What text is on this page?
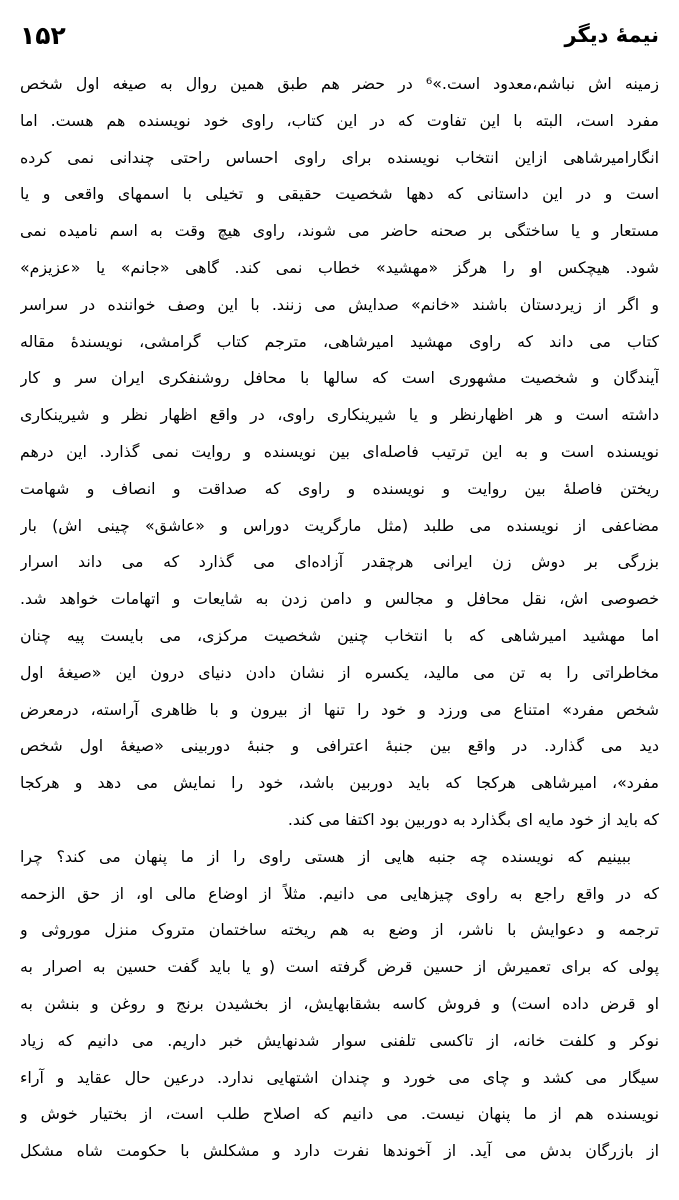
۱۵۲	نیمهٔ دیگر
زمینه اش نباشم،معدود است.»⁶ در حضر هم طبق همین روال به صیغه اول شخص
مفرد است، البته با این تفاوت که در این کتاب، راوی خود نویسنده هم هست. اما
انگارامیرشاهی ازاین انتخاب نویسنده برای راوی احساس راحتی چندانی نمی کرده
است و در این داستانی که دهها شخصیت حقیقی و تخیلی با اسمهای واقعی و یا
مستعار و یا ساختگی بر صحنه حاضر می شوند، راوی هیچ وقت به اسم نامیده نمی
شود. هیچکس او را هرگز «مهشید» خطاب نمی کند. گاهی «جانم» یا «عزیزم»
و اگر از زیردستان باشند «خانم» صدایش می زنند. با این وصف خواننده در سراسر
کتاب می داند که راوی مهشید امیرشاهی، مترجم کتاب گرامشی، نویسندهٔ مقاله
آیندگان و شخصیت مشهوری است که سالها با محافل روشنفکری ایران سر و کار
داشته است و هر اظهارنظر و یا شیرینکاری راوی، در واقع اظهار نظر و شیرینکاری
نویسنده است و به این ترتیب فاصله‌ای بین نویسنده و روایت نمی گذارد. این درهم
ریختن فاصلهٔ بین روایت و نویسنده و راوی که صداقت و انصاف و شهامت
مضاعفی از نویسنده می طلبد (مثل مارگریت دوراس و «عاشق» چینی اش) بار
بزرگی بر دوش زن ایرانی هرچقدر آزاده‌ای می گذارد که می داند اسرار
خصوصی اش، نقل محافل و مجالس و دامن زدن به شایعات و اتهامات خواهد شد.
اما مهشید امیرشاهی که با انتخاب چنین شخصیت مرکزی، می بایست پیه چنان
مخاطراتی را به تن می مالید، یکسره از نشان دادن دنیای درون این «صیغهٔ اول
شخص مفرد» امتناع می ورزد و خود را تنها از بیرون و با ظاهری آراسته، درمعرض
دید می گذارد. در واقع بین جنبهٔ اعترافی و جنبهٔ دوربینی «صیغهٔ اول شخص
مفرد»، امیرشاهی هرکجا که باید دوربین باشد، خود را نمایش می دهد و هرکجا
که باید از خود مایه ای بگذارد به دوربین بود اکتفا می کند.
ببینیم که نویسنده چه جنبه هایی از هستی راوی را از ما پنهان می کند؟ چرا
که در واقع راجع به راوی چیزهایی می دانیم. مثلاً از اوضاع مالی او، از حق الزحمه
ترجمه و دعوایش با ناشر، از وضع به هم ریخته ساختمان متروک منزل موروثی و
پولی که برای تعمیرش از حسین قرض گرفته است (و یا باید گفت حسین به اصرار به
او قرض داده است) و فروش کاسه بشقابهایش، از بخشیدن برنج و روغن و بنشن به
نوکر و کلفت خانه، از تاکسی تلفنی سوار شدنهایش خبر داریم. می دانیم که زیاد
سیگار می کشد و چای می خورد و چندان اشتهایی ندارد. درعین حال عقاید و آراء
نویسنده هم از ما پنهان نیست. می دانیم که اصلاح طلب است، از بختیار خوش و
از بازرگان بدش می آید. از آخوندها نفرت دارد و مشکلش با حکومت شاه مشکل
